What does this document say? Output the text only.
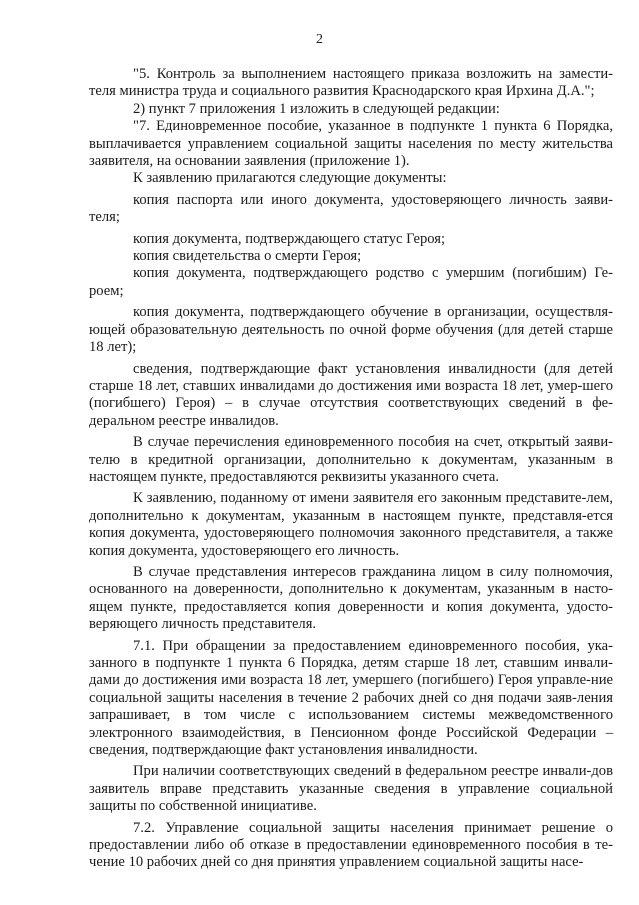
2

"5. Контроль за выполнением настоящего приказа возложить на замести-теля министра труда и социального развития Краснодарского края Ирхина Д.А.";

2) пункт 7 приложения 1 изложить в следующей редакции:

"7. Единовременное пособие, указанное в подпункте 1 пункта 6 Порядка, выплачивается управлением социальной защиты населения по месту жительства заявителя, на основании заявления (приложение 1).

К заявлению прилагаются следующие документы:

копия паспорта или иного документа, удостоверяющего личность заяви-теля;

копия документа, подтверждающего статус Героя;

копия свидетельства о смерти Героя;

копия документа, подтверждающего родство с умершим (погибшим) Ге-роем;

копия документа, подтверждающего обучение в организации, осуществля-ющей образовательную деятельность по очной форме обучения (для детей старше 18 лет);

сведения, подтверждающие факт установления инвалидности (для детей старше 18 лет, ставших инвалидами до достижения ими возраста 18 лет, умер-шего (погибшего) Героя) – в случае отсутствия соответствующих сведений в фе-деральном реестре инвалидов.

В случае перечисления единовременного пособия на счет, открытый заяви-телю в кредитной организации, дополнительно к документам, указанным в настоящем пункте, предоставляются реквизиты указанного счета.

К заявлению, поданному от имени заявителя его законным представите-лем, дополнительно к документам, указанным в настоящем пункте, представля-ется копия документа, удостоверяющего полномочия законного представителя, а также копия документа, удостоверяющего его личность.

В случае представления интересов гражданина лицом в силу полномочия, основанного на доверенности, дополнительно к документам, указанным в насто-ящем пункте, предоставляется копия доверенности и копия документа, удосто-веряющего личность представителя.

7.1. При обращении за предоставлением единовременного пособия, ука-занного в подпункте 1 пункта 6 Порядка, детям старше 18 лет, ставшим инвали-дами до достижения ими возраста 18 лет, умершего (погибшего) Героя управле-ние социальной защиты населения в течение 2 рабочих дней со дня подачи заяв-ления запрашивает, в том числе с использованием системы межведомственного электронного взаимодействия, в Пенсионном фонде Российской Федерации – сведения, подтверждающие факт установления инвалидности.

При наличии соответствующих сведений в федеральном реестре инвали-дов заявитель вправе представить указанные сведения в управление социальной защиты по собственной инициативе.

7.2. Управление социальной защиты населения принимает решение о предоставлении либо об отказе в предоставлении единовременного пособия в те-чение 10 рабочих дней со дня принятия управлением социальной защиты насе-
